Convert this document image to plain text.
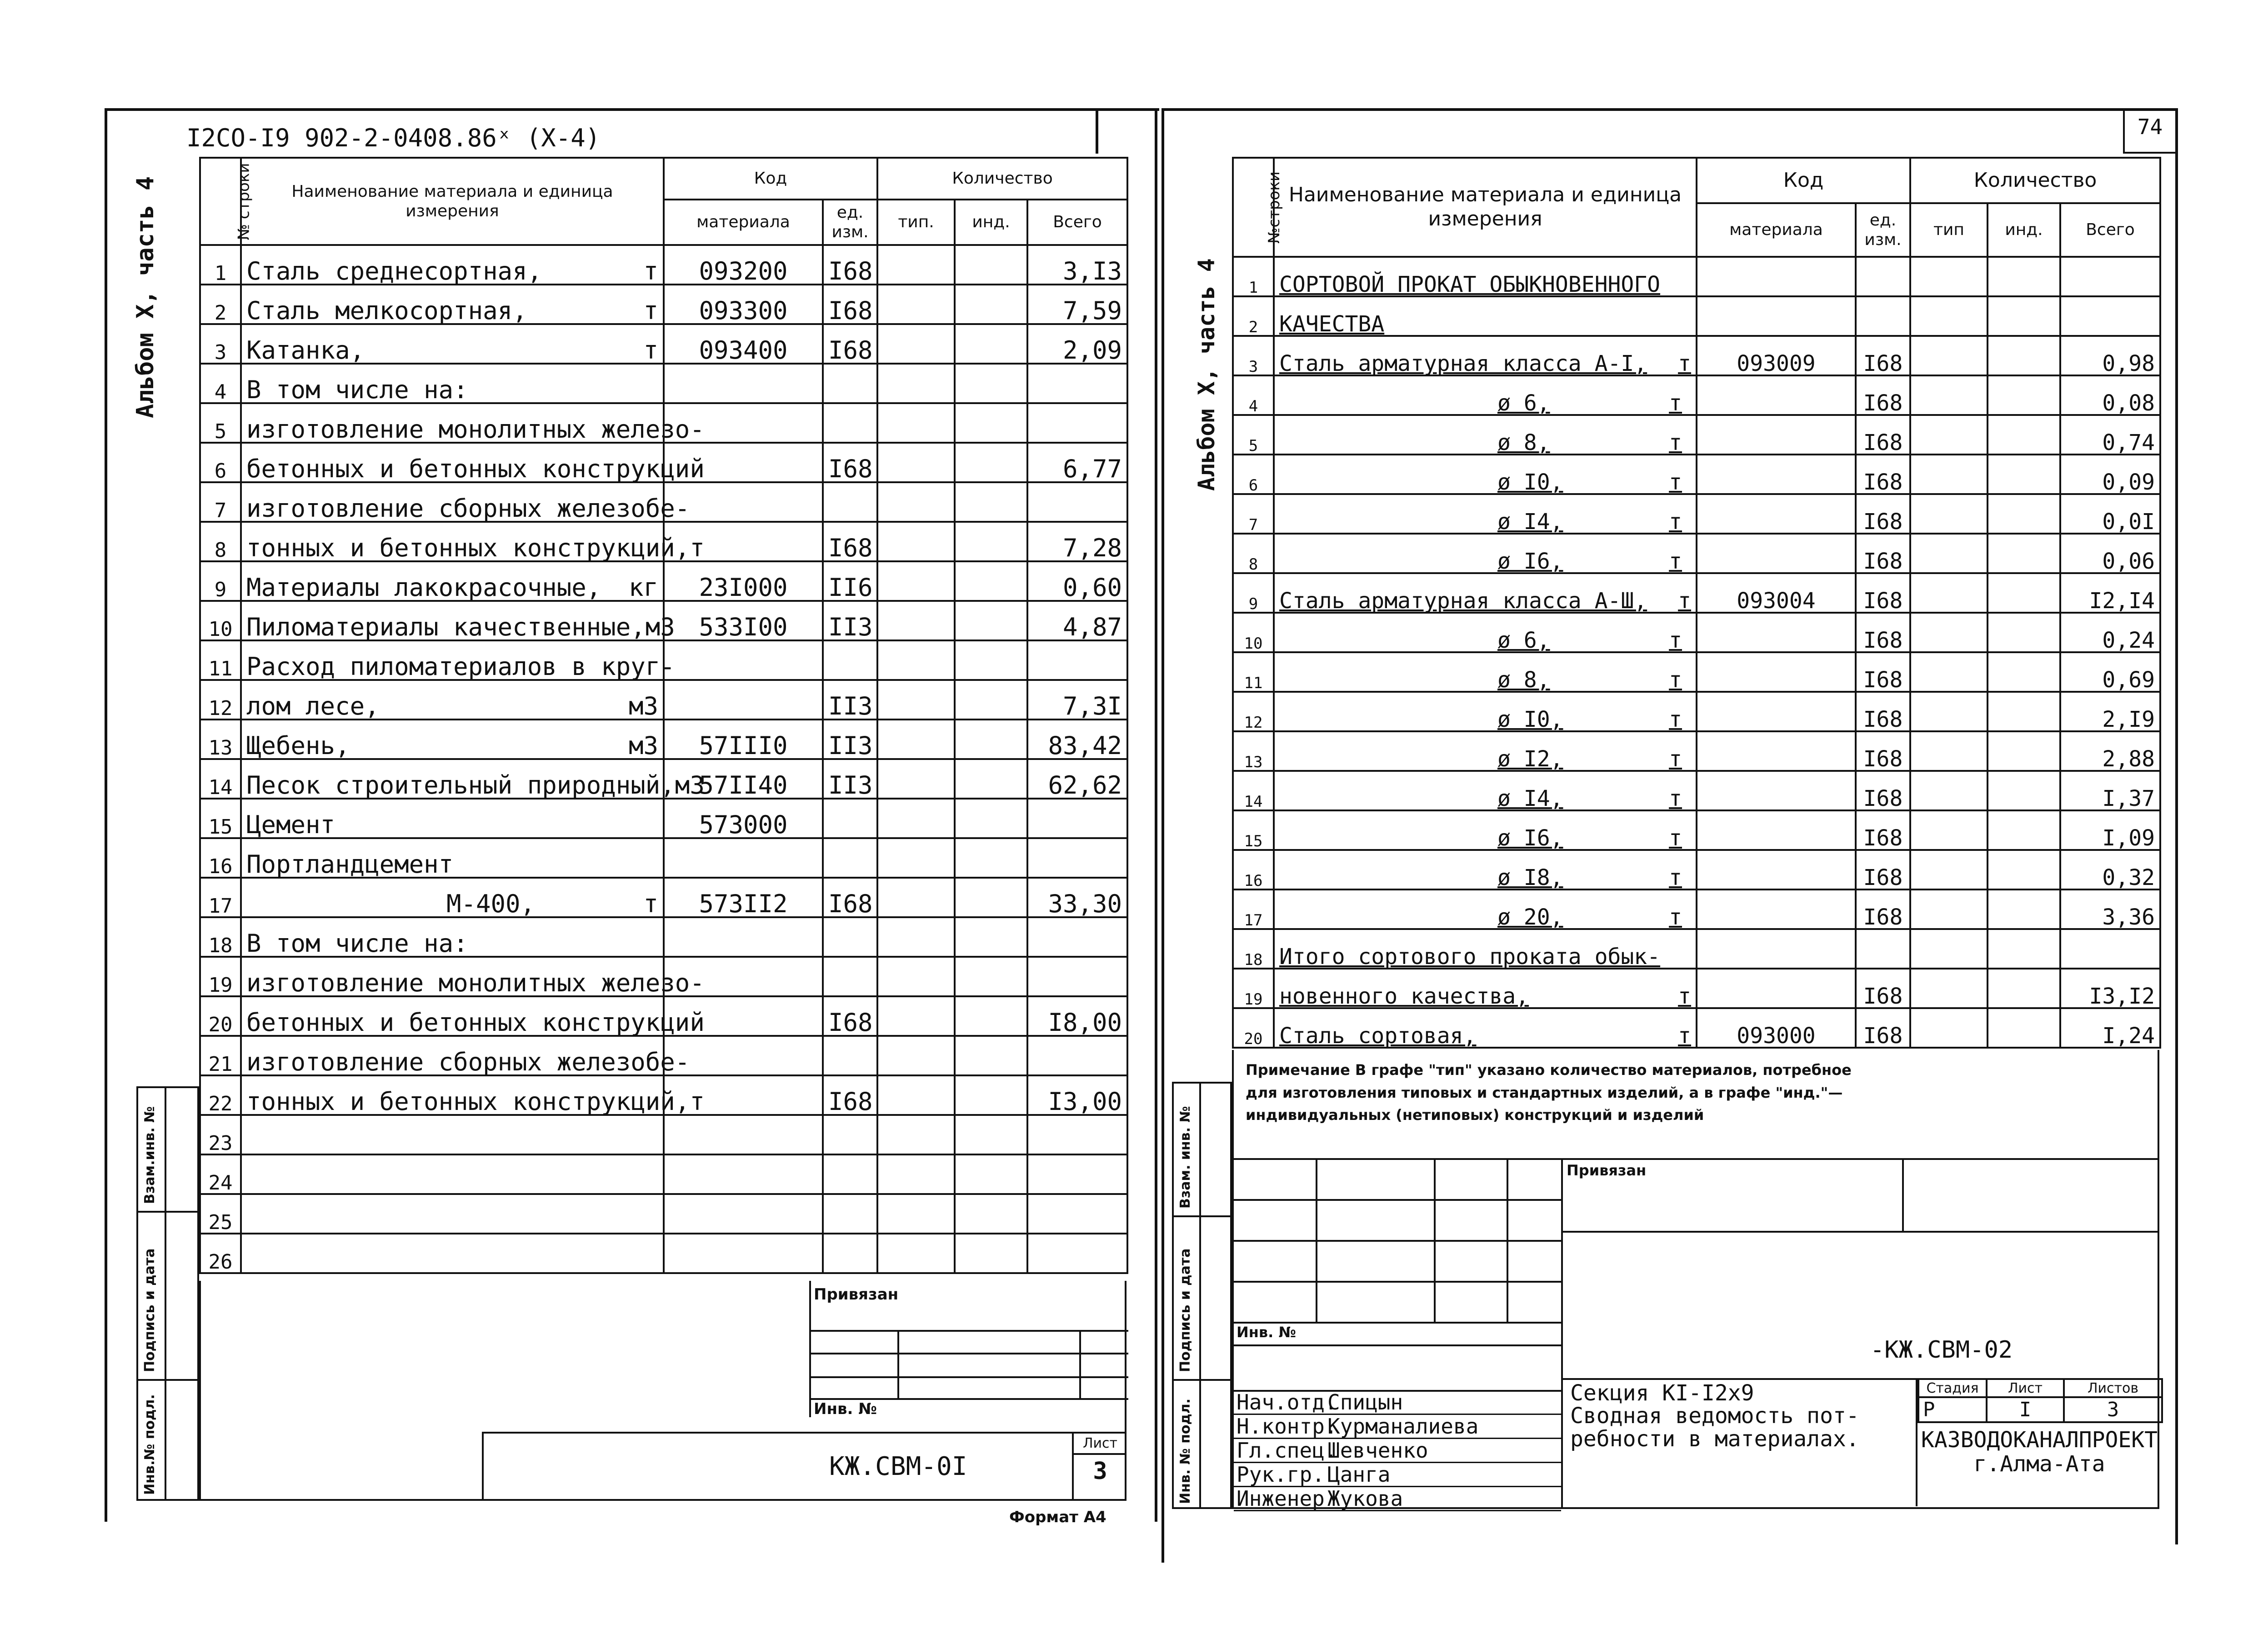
I2CO-I9 902-2-0408.86ˣ (X-4)
Альбом X, часть 4	№ строки	Наименование материала и единица измерения	Код		Количество		
		материала	ед. изм.	тип.	инд.	Всего
1	Сталь среднесортная, т	093200	I68			3,I3
2	Сталь мелкосортная, т	093300	I68			7,59
3	Катанка, т	093400	I68			2,09
4	В том числе на:					

5	изготовление монолитных железо-					

6	бетонных и бетонных конструкций		I68			6,77
7	изготовление сборных железобе-					

8	тонных и бетонных конструкций,т		I68			7,28
9	Материалы лакокрасочные, кг	23I000	II6			0,60
10	Пиломатериалы качественные, м3	533I00	II3			4,87
11	Расход пиломатериалов в круг-					

12	лом лесе, м3		II3			7,3I
13	Щебень, м3	57III0	II3			83,42
14	Песок строительный природный,м3	57II40	II3			62,62
15	Цемент	573000				
16	Портландцемент					

17	М-400, т	573II2	I68			33,30
18	В том числе на:					

19	изготовление монолитных железо-					

20	бетонных и бетонных конструкций		I68			I8,00
21	изготовление сборных железобе-					

22	тонных и бетонных конструкций,т		I68			I3,00
23	

24	

25	

26	

Привязан
Инв. №
КЖ.СВМ-0I
Лист
3
Взам.инв. №
Подпись и дата
Инв.№ подл.
Формат А4
74
Альбом X, часть 4
№строки	Наименование материала и единица измерения	Код		Количество		
		материала	ед. изм.	тип	инд.	Всего
1	СОРТОВОЙ ПРОКАТ ОБЫКНОВЕННОГО					

2	КАЧЕСТВА					

3	Сталь арматурная класса А-I, т	093009	I68			0,98
4	ø 6, т		I68			0,08
5	ø 8, т		I68			0,74
6	ø I0, т		I68			0,09
7	ø I4, т		I68			0,0I
8	ø I6, т		I68			0,06
9	Сталь арматурная класса А-Ш, т	093004	I68			I2,I4
10	ø 6, т		I68			0,24
11	ø 8, т		I68			0,69
12	ø I0, т		I68			2,I9
13	ø I2, т		I68			2,88
14	ø I4, т		I68			I,37
15	ø I6, т		I68			I,09
16	ø I8, т		I68			0,32
17	ø 20, т		I68			3,36
18	Итого сортового проката обык-					

19	новенного качества, т		I68			I3,I2
20	Сталь сортовая, т	093000	I68			I,24
Примечание В графе "тип" указано количество материалов, потребное для изготовления типовых и стандартных изделий, а в графе "инд."— индивидуальных (нетиповых) конструкций и изделий
Инв. №
Нач.отд.
Спицын
Н.контр.
Курманалиева
Гл.спец.
Шевченко
Рук.гр. Цанга
Инженер Жукова
Привязан
-КЖ.СВМ-02
Секция КI-I2х9
Сводная ведомость пот-
ребности в материалах.
Стадия	Лист	Листов
Р	I	3
КАЗВОДОКАНАЛПРОЕКТ
г.Алма-Ата
Взам. инв. №
Подпись и дата
Инв. № подл.
